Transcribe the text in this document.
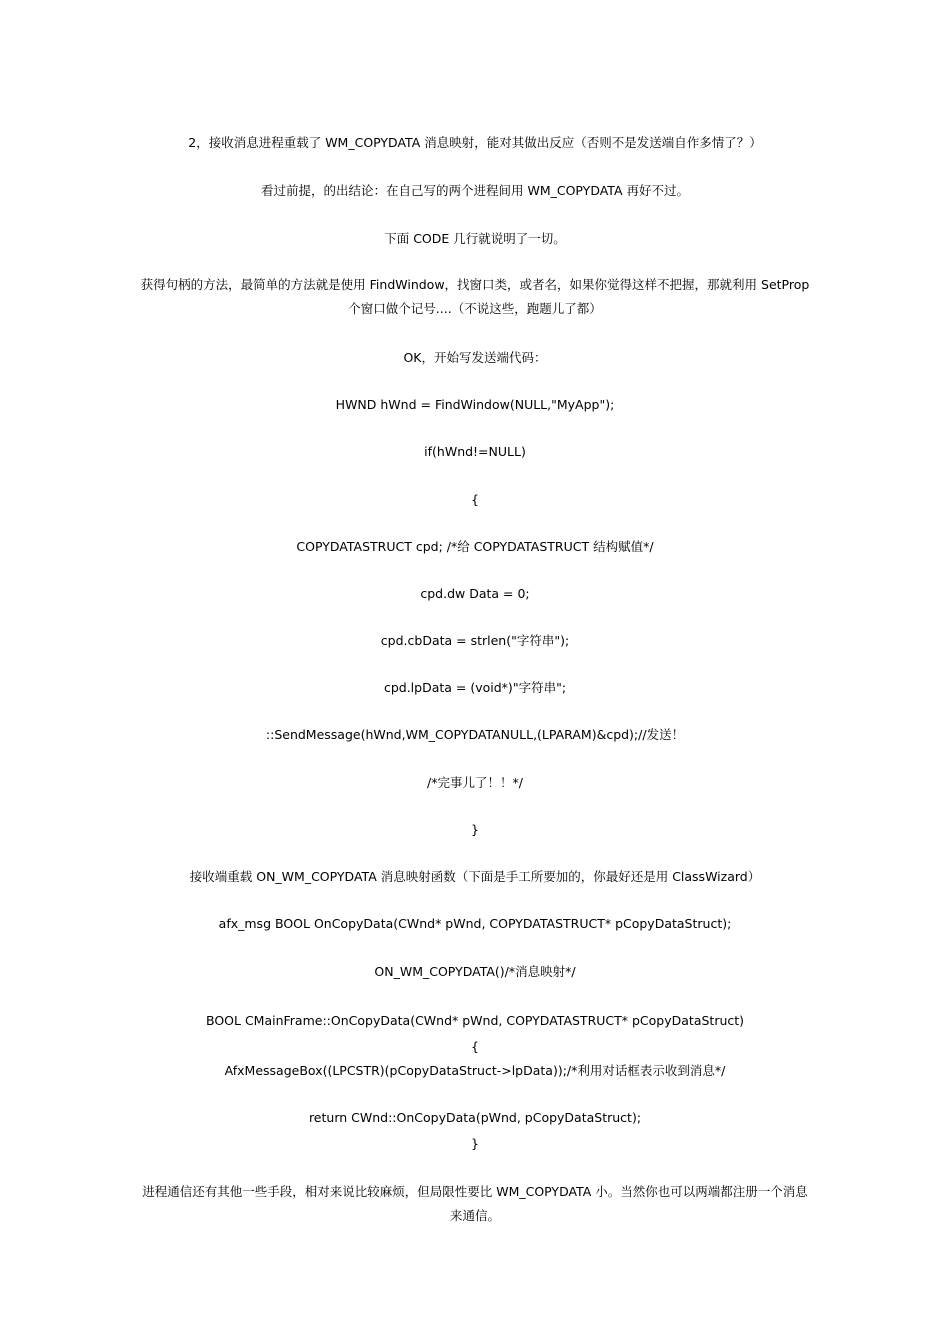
2，接收消息进程重载了 WM_COPYDATA 消息映射，能对其做出反应（否则不是发送端自作多情了？）

看过前提，的出结论：在自己写的两个进程间用 WM_COPYDATA 再好不过。

下面 CODE 几行就说明了一切。

获得句柄的方法，最简单的方法就是使用 FindWindow，找窗口类，或者名，如果你觉得这样不把握，那就利用 SetProp 个窗口做个记号....（不说这些，跑题儿了都）

OK，开始写发送端代码：

HWND hWnd = FindWindow(NULL,"MyApp");

if(hWnd!=NULL)

{

COPYDATASTRUCT cpd; /*给 COPYDATASTRUCT 结构赋值*/

cpd.dw Data = 0;

cpd.cbData = strlen("字符串");

cpd.lpData = (void*)"字符串";

::SendMessage(hWnd,WM_COPYDATANULL,(LPARAM)&cpd);//发送！

/*完事儿了！！*/

}

接收端重载 ON_WM_COPYDATA 消息映射函数（下面是手工所要加的，你最好还是用 ClassWizard）

afx_msg BOOL OnCopyData(CWnd* pWnd, COPYDATASTRUCT* pCopyDataStruct);

ON_WM_COPYDATA()/*消息映射*/

BOOL CMainFrame::OnCopyData(CWnd* pWnd, COPYDATASTRUCT* pCopyDataStruct)

{

AfxMessageBox((LPCSTR)(pCopyDataStruct->lpData));/*利用对话框表示收到消息*/

return CWnd::OnCopyData(pWnd, pCopyDataStruct);

}

进程通信还有其他一些手段，相对来说比较麻烦，但局限性要比 WM_COPYDATA 小。当然你也可以两端都注册一个消息来通信。
